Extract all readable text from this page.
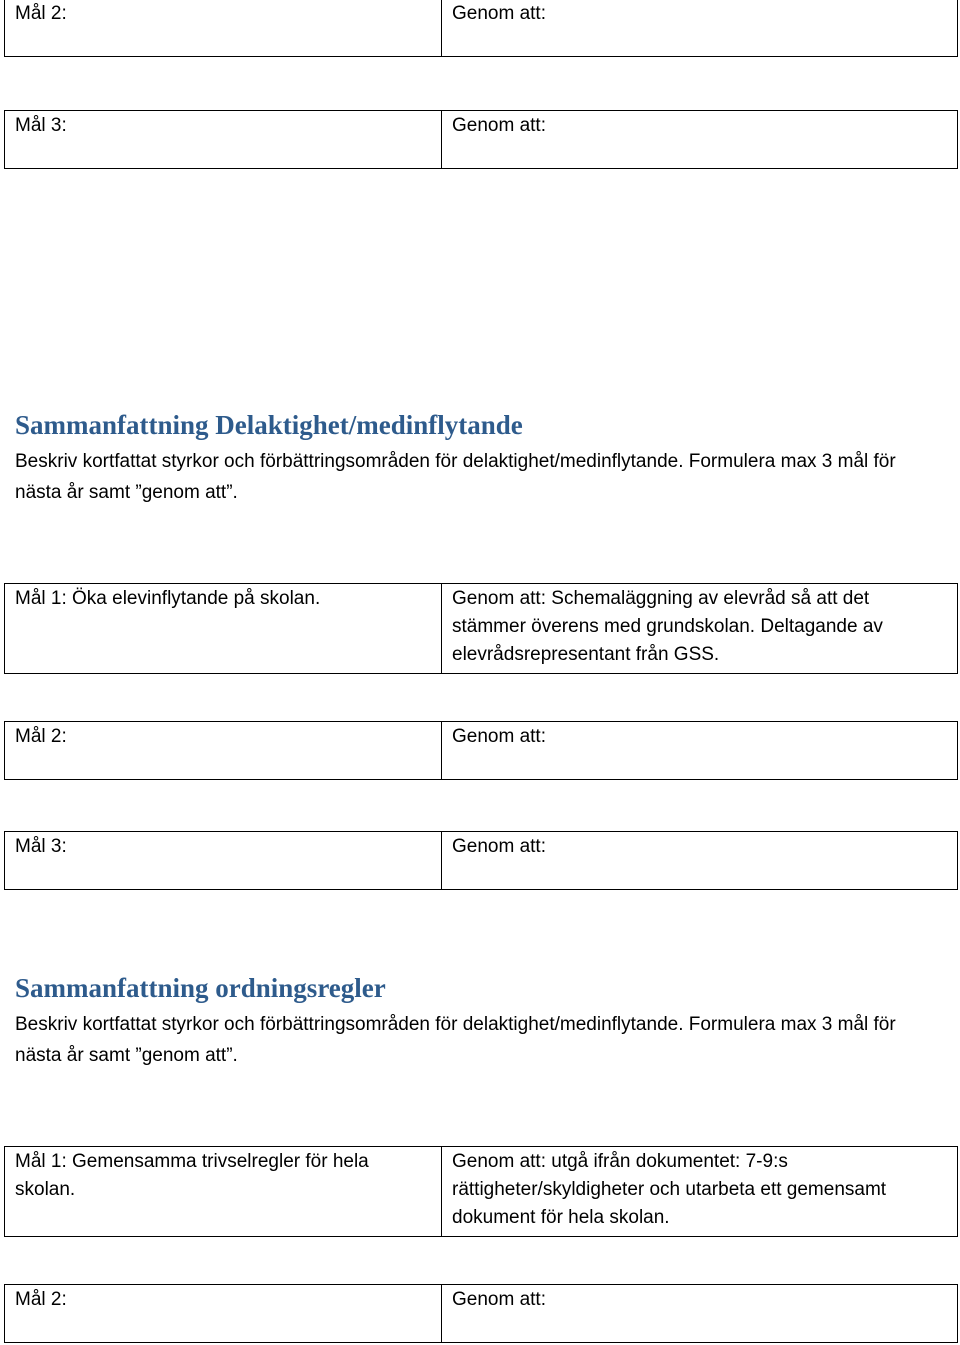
Mål 2:	Genom att:
Mål 3:	Genom att:
Sammanfattning Delaktighet/medinflytande

Beskriv kortfattat styrkor och förbättringsområden för delaktighet/medinflytande. Formulera max 3 mål för nästa år samt ”genom att”.

Mål 1: Öka elevinflytande på skolan.	Genom att: Schemaläggning av elevråd så att det stämmer överens med grundskolan. Deltagande av elevrådsrepresentant från GSS.
Mål 2:	Genom att:
Mål 3:	Genom att:
Sammanfattning ordningsregler

Beskriv kortfattat styrkor och förbättringsområden för delaktighet/medinflytande. Formulera max 3 mål för nästa år samt ”genom att”.

Mål 1: Gemensamma trivselregler för hela skolan.	Genom att: utgå ifrån dokumentet: 7-9:s rättigheter/skyldigheter och utarbeta ett gemensamt dokument för hela skolan.
Mål 2:	Genom att:
